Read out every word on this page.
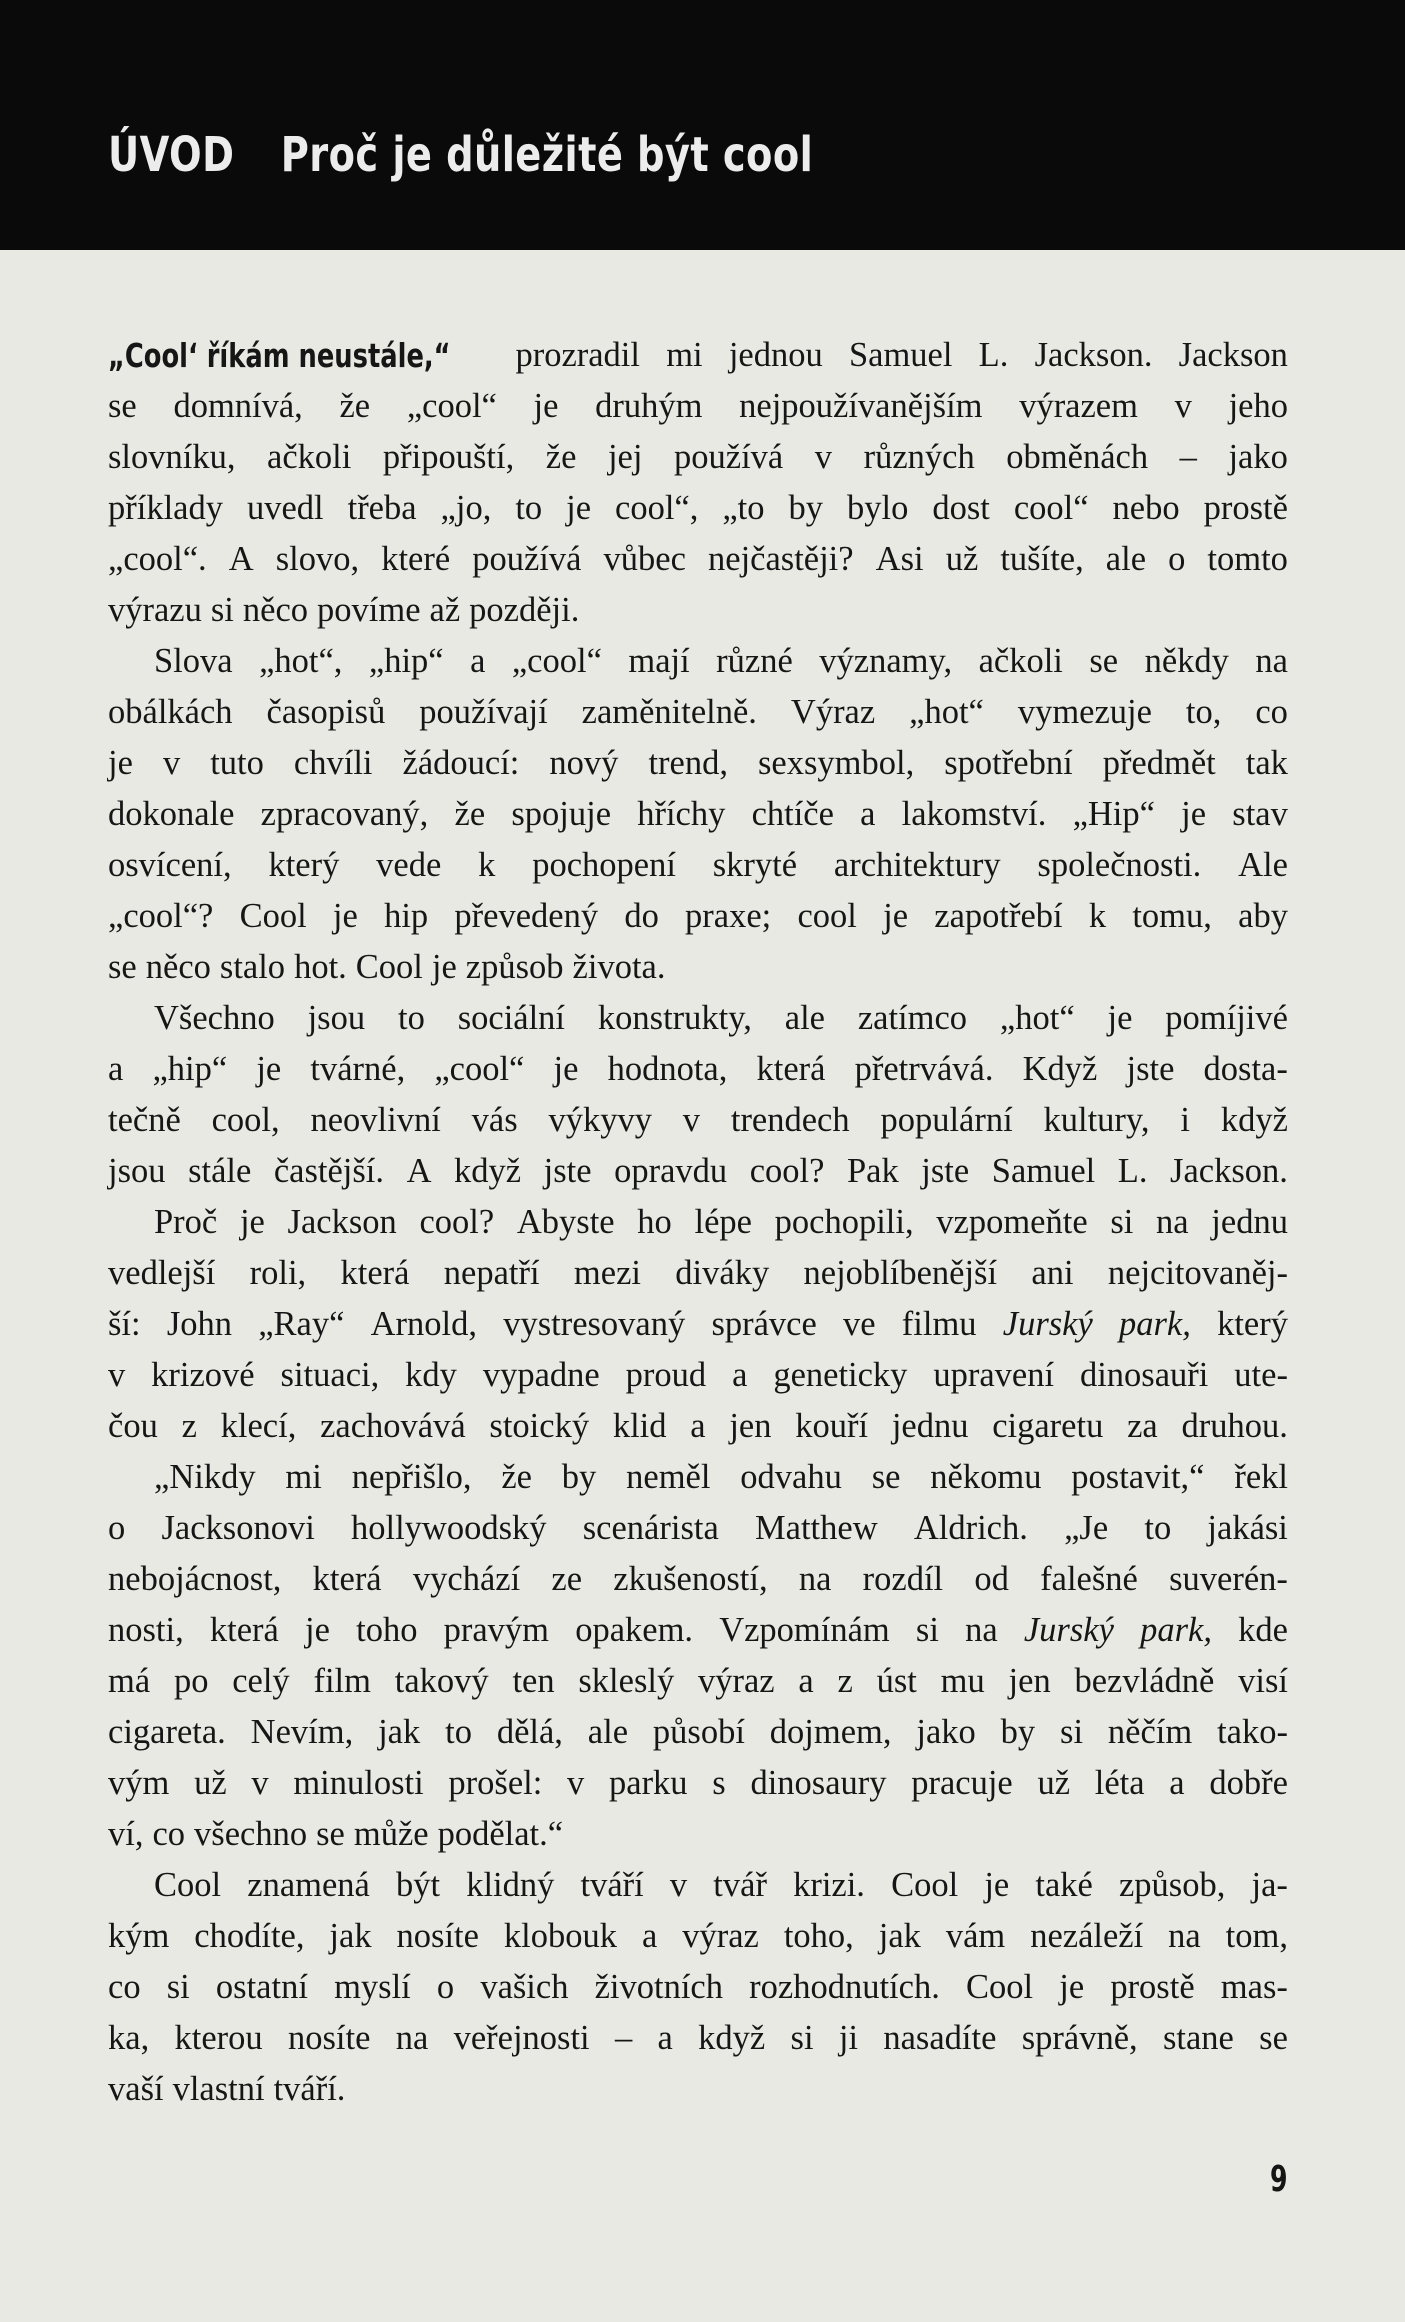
ÚVOD Proč je důležité být cool
„Cool‘ říkám neustále,“ prozradil mi jednou Samuel L. Jackson. Jackson
se domnívá, že „cool“ je druhým nejpoužívanějším výrazem v jeho
slovníku, ačkoli připouští, že jej používá v různých obměnách – jako
příklady uvedl třeba „jo, to je cool“, „to by bylo dost cool“ nebo prostě
„cool“. A slovo, které používá vůbec nejčastěji? Asi už tušíte, ale o tomto
výrazu si něco povíme až později.
Slova „hot“, „hip“ a „cool“ mají různé významy, ačkoli se někdy na
obálkách časopisů používají zaměnitelně. Výraz „hot“ vymezuje to, co
je v tuto chvíli žádoucí: nový trend, sexsymbol, spotřební předmět tak
dokonale zpracovaný, že spojuje hříchy chtíče a lakomství. „Hip“ je stav
osvícení, který vede k pochopení skryté architektury společnosti. Ale
„cool“? Cool je hip převedený do praxe; cool je zapotřebí k tomu, aby
se něco stalo hot. Cool je způsob života.
Všechno jsou to sociální konstrukty, ale zatímco „hot“ je pomíjivé
a „hip“ je tvárné, „cool“ je hodnota, která přetrvává. Když jste dosta-
tečně cool, neovlivní vás výkyvy v trendech populární kultury, i když
jsou stále častější. A když jste opravdu cool? Pak jste Samuel L. Jackson.
Proč je Jackson cool? Abyste ho lépe pochopili, vzpomeňte si na jednu
vedlejší roli, která nepatří mezi diváky nejoblíbenější ani nejcitovaněj-
ší: John „Ray“ Arnold, vystresovaný správce ve filmu Jurský park, který
v krizové situaci, kdy vypadne proud a geneticky upravení dinosauři ute-
čou z klecí, zachovává stoický klid a jen kouří jednu cigaretu za druhou.
„Nikdy mi nepřišlo, že by neměl odvahu se někomu postavit,“ řekl
o Jacksonovi hollywoodský scenárista Matthew Aldrich. „Je to jakási
nebojácnost, která vychází ze zkušeností, na rozdíl od falešné suverén-
nosti, která je toho pravým opakem. Vzpomínám si na Jurský park, kde
má po celý film takový ten skleslý výraz a z úst mu jen bezvládně visí
cigareta. Nevím, jak to dělá, ale působí dojmem, jako by si něčím tako-
vým už v minulosti prošel: v parku s dinosaury pracuje už léta a dobře
ví, co všechno se může podělat.“
Cool znamená být klidný tváří v tvář krizi. Cool je také způsob, ja-
kým chodíte, jak nosíte klobouk a výraz toho, jak vám nezáleží na tom,
co si ostatní myslí o vašich životních rozhodnutích. Cool je prostě mas-
ka, kterou nosíte na veřejnosti – a když si ji nasadíte správně, stane se
vaší vlastní tváří.
9
